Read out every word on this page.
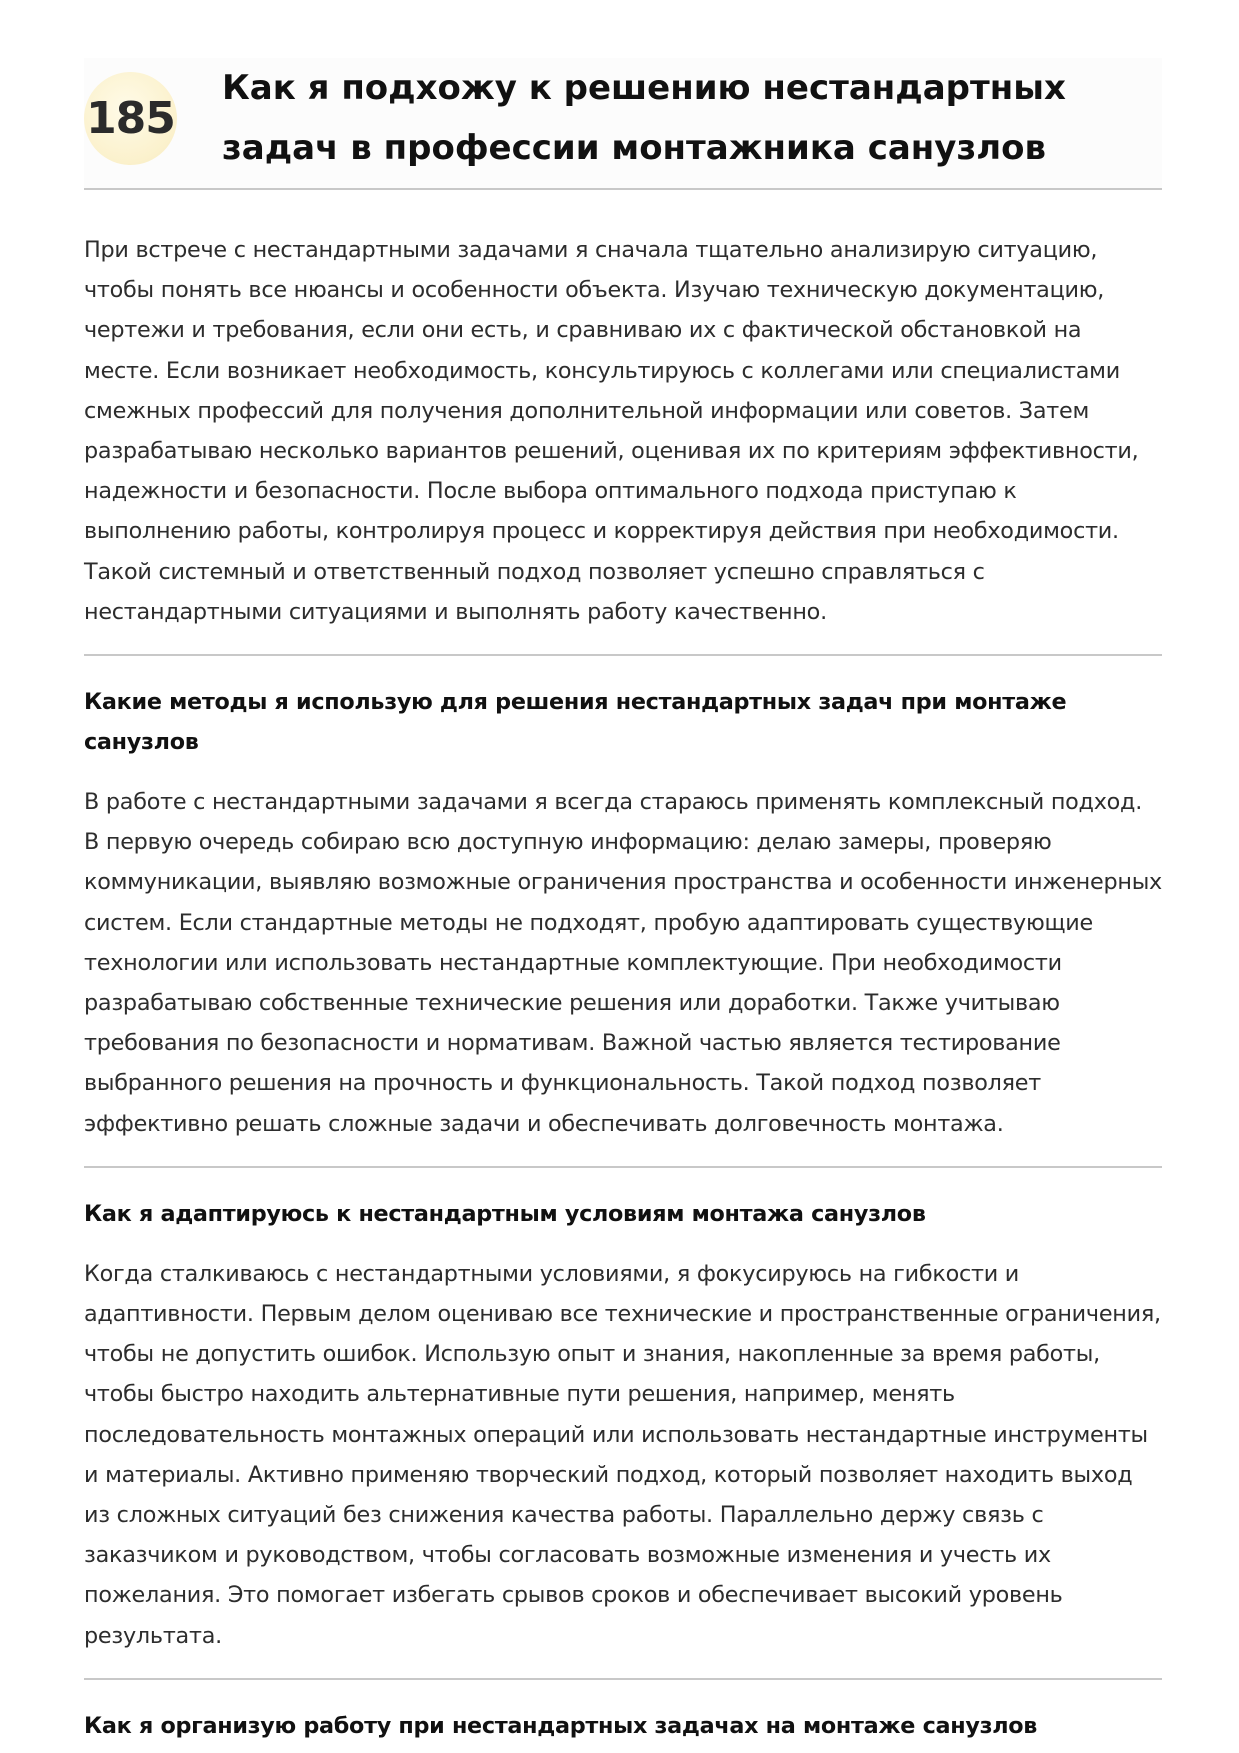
185
Как я подхожу к решению нестандартных задач в профессии монтажника санузлов

При встрече с нестандартными задачами я сначала тщательно анализирую ситуацию, чтобы понять все нюансы и особенности объекта. Изучаю техническую документацию, чертежи и требования, если они есть, и сравниваю их с фактической обстановкой на месте. Если возникает необходимость, консультируюсь с коллегами или специалистами смежных профессий для получения дополнительной информации или советов. Затем разрабатываю несколько вариантов решений, оценивая их по критериям эффективности, надежности и безопасности. После выбора оптимального подхода приступаю к выполнению работы, контролируя процесс и корректируя действия при необходимости. Такой системный и ответственный подход позволяет успешно справляться с нестандартными ситуациями и выполнять работу качественно.

Какие методы я использую для решения нестандартных задач при монтаже санузлов

В работе с нестандартными задачами я всегда стараюсь применять комплексный подход. В первую очередь собираю всю доступную информацию: делаю замеры, проверяю коммуникации, выявляю возможные ограничения пространства и особенности инженерных систем. Если стандартные методы не подходят, пробую адаптировать существующие технологии или использовать нестандартные комплектующие. При необходимости разрабатываю собственные технические решения или доработки. Также учитываю требования по безопасности и нормативам. Важной частью является тестирование выбранного решения на прочность и функциональность. Такой подход позволяет эффективно решать сложные задачи и обеспечивать долговечность монтажа.

Как я адаптируюсь к нестандартным условиям монтажа санузлов

Когда сталкиваюсь с нестандартными условиями, я фокусируюсь на гибкости и адаптивности. Первым делом оцениваю все технические и пространственные ограничения, чтобы не допустить ошибок. Использую опыт и знания, накопленные за время работы, чтобы быстро находить альтернативные пути решения, например, менять последовательность монтажных операций или использовать нестандартные инструменты и материалы. Активно применяю творческий подход, который позволяет находить выход из сложных ситуаций без снижения качества работы. Параллельно держу связь с заказчиком и руководством, чтобы согласовать возможные изменения и учесть их пожелания. Это помогает избегать срывов сроков и обеспечивает высокий уровень результата.

Как я организую работу при нестандартных задачах на монтаже санузлов
